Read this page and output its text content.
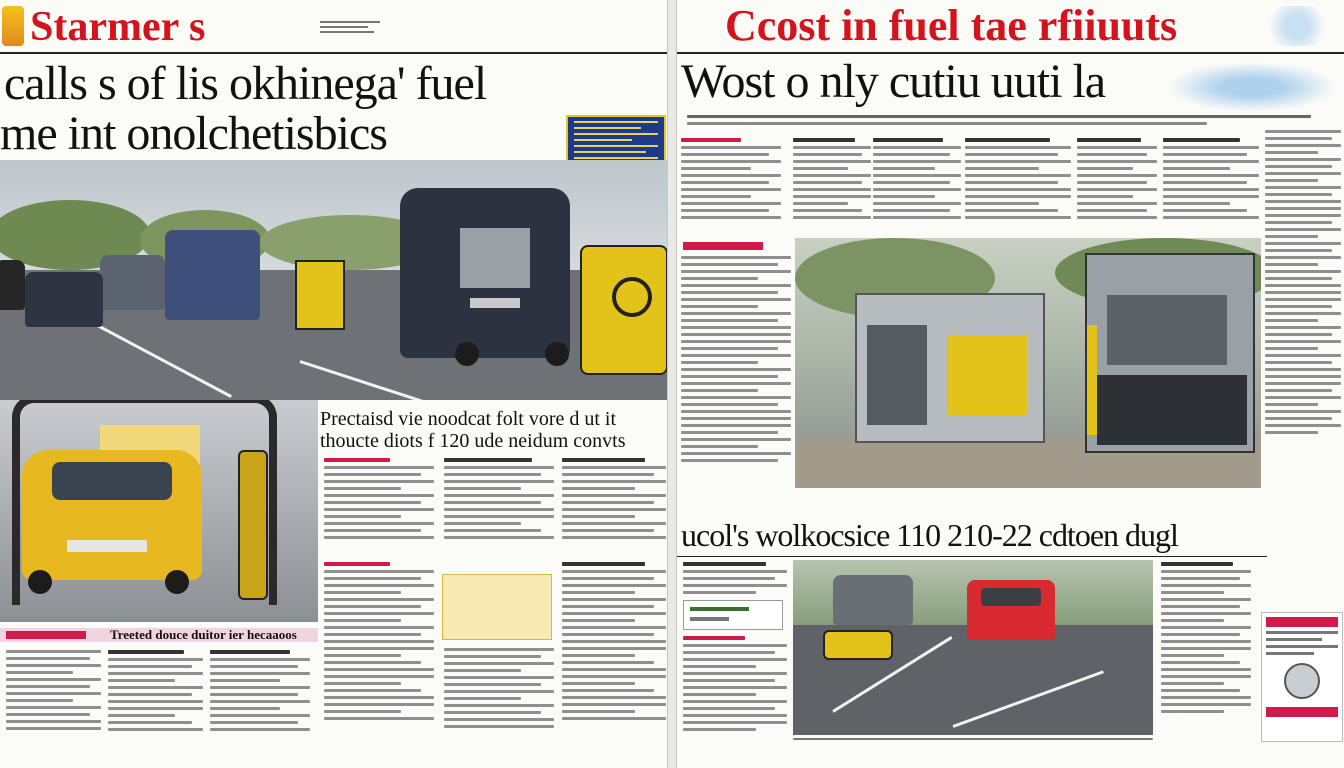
Starmer s
calls s of lis okhinega' fuel
me int onolchetisbics
Prectaisd vie noodcat folt vore d ut it
thoucte diots f 120 ude neidum convts
Treeted douce duitor ier hecaaoos
Ccost in fuel tae rfiiuuts
Wost o nly cutiu uuti la
ucol's wolkocsice 110 210-22 cdtoen dugl
